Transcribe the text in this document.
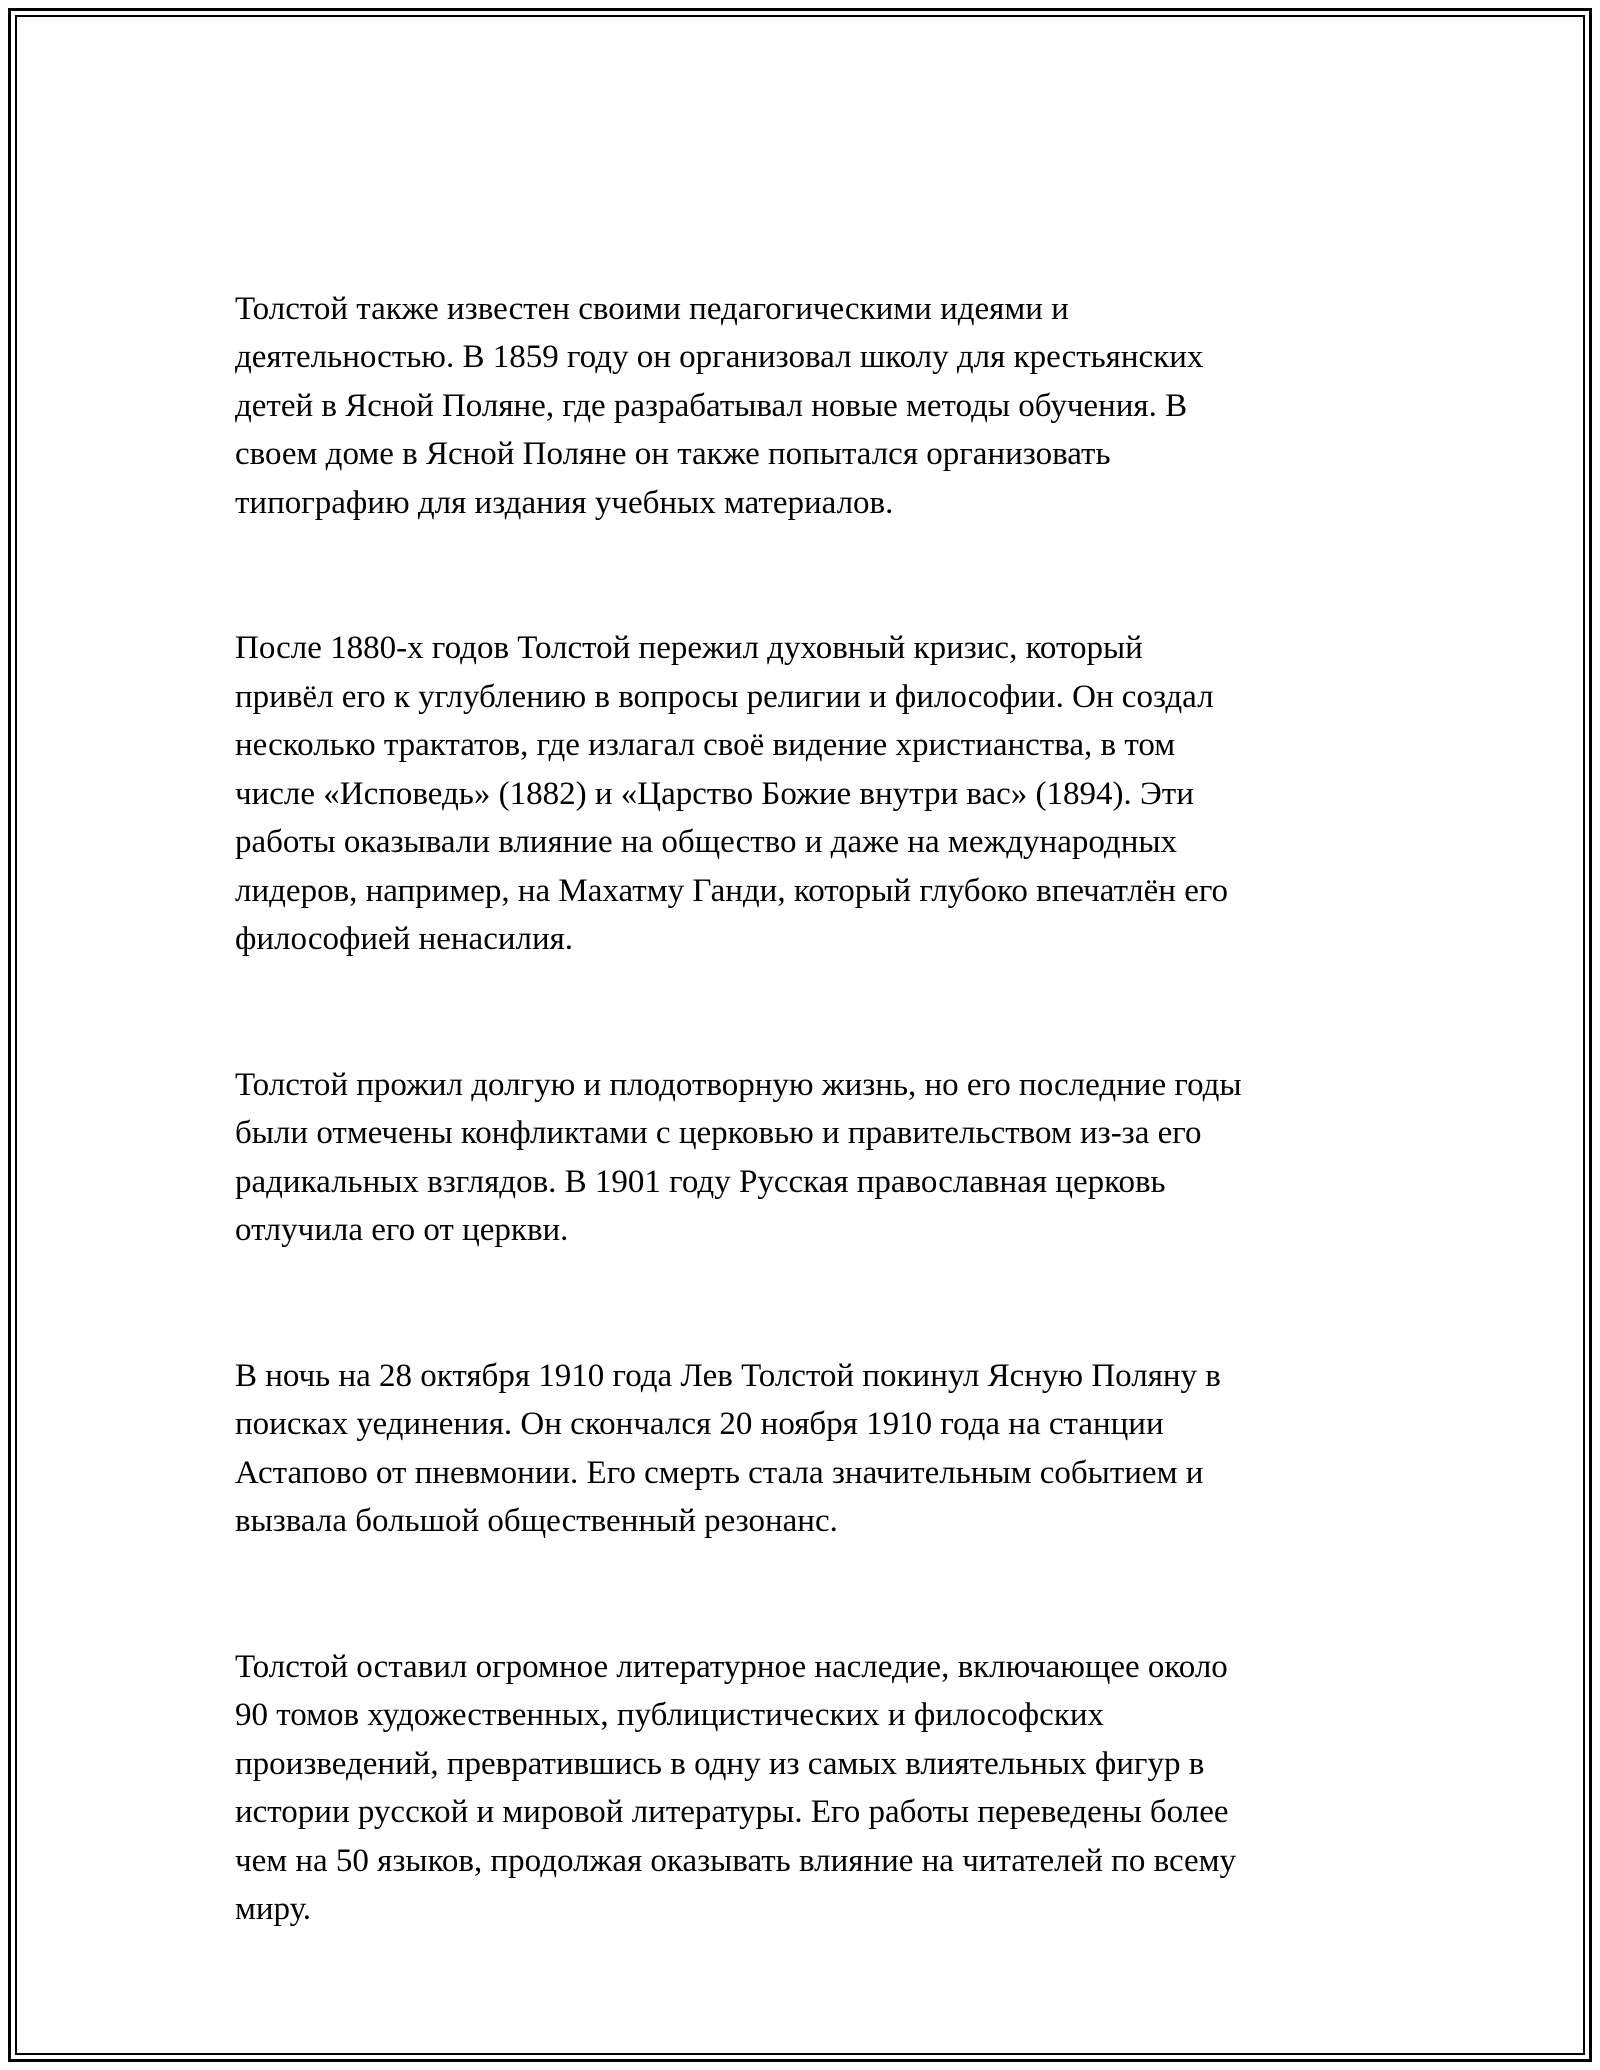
Толстой также известен своими педагогическими идеями и
деятельностью. В 1859 году он организовал школу для крестьянских
детей в Ясной Поляне, где разрабатывал новые методы обучения. В
своем доме в Ясной Поляне он также попытался организовать
типографию для издания учебных материалов.

После 1880-х годов Толстой пережил духовный кризис, который
привёл его к углублению в вопросы религии и философии. Он создал
несколько трактатов, где излагал своё видение христианства, в том
числе «Исповедь» (1882) и «Царство Божие внутри вас» (1894). Эти
работы оказывали влияние на общество и даже на международных
лидеров, например, на Махатму Ганди, который глубоко впечатлён его
философией ненасилия.

Толстой прожил долгую и плодотворную жизнь, но его последние годы
были отмечены конфликтами с церковью и правительством из-за его
радикальных взглядов. В 1901 году Русская православная церковь
отлучила его от церкви.

В ночь на 28 октября 1910 года Лев Толстой покинул Ясную Поляну в
поисках уединения. Он скончался 20 ноября 1910 года на станции
Астапово от пневмонии. Его смерть стала значительным событием и
вызвала большой общественный резонанс.

Толстой оставил огромное литературное наследие, включающее около
90 томов художественных, публицистических и философских
произведений, превратившись в одну из самых влиятельных фигур в
истории русской и мировой литературы. Его работы переведены более
чем на 50 языков, продолжая оказывать влияние на читателей по всему
миру.
